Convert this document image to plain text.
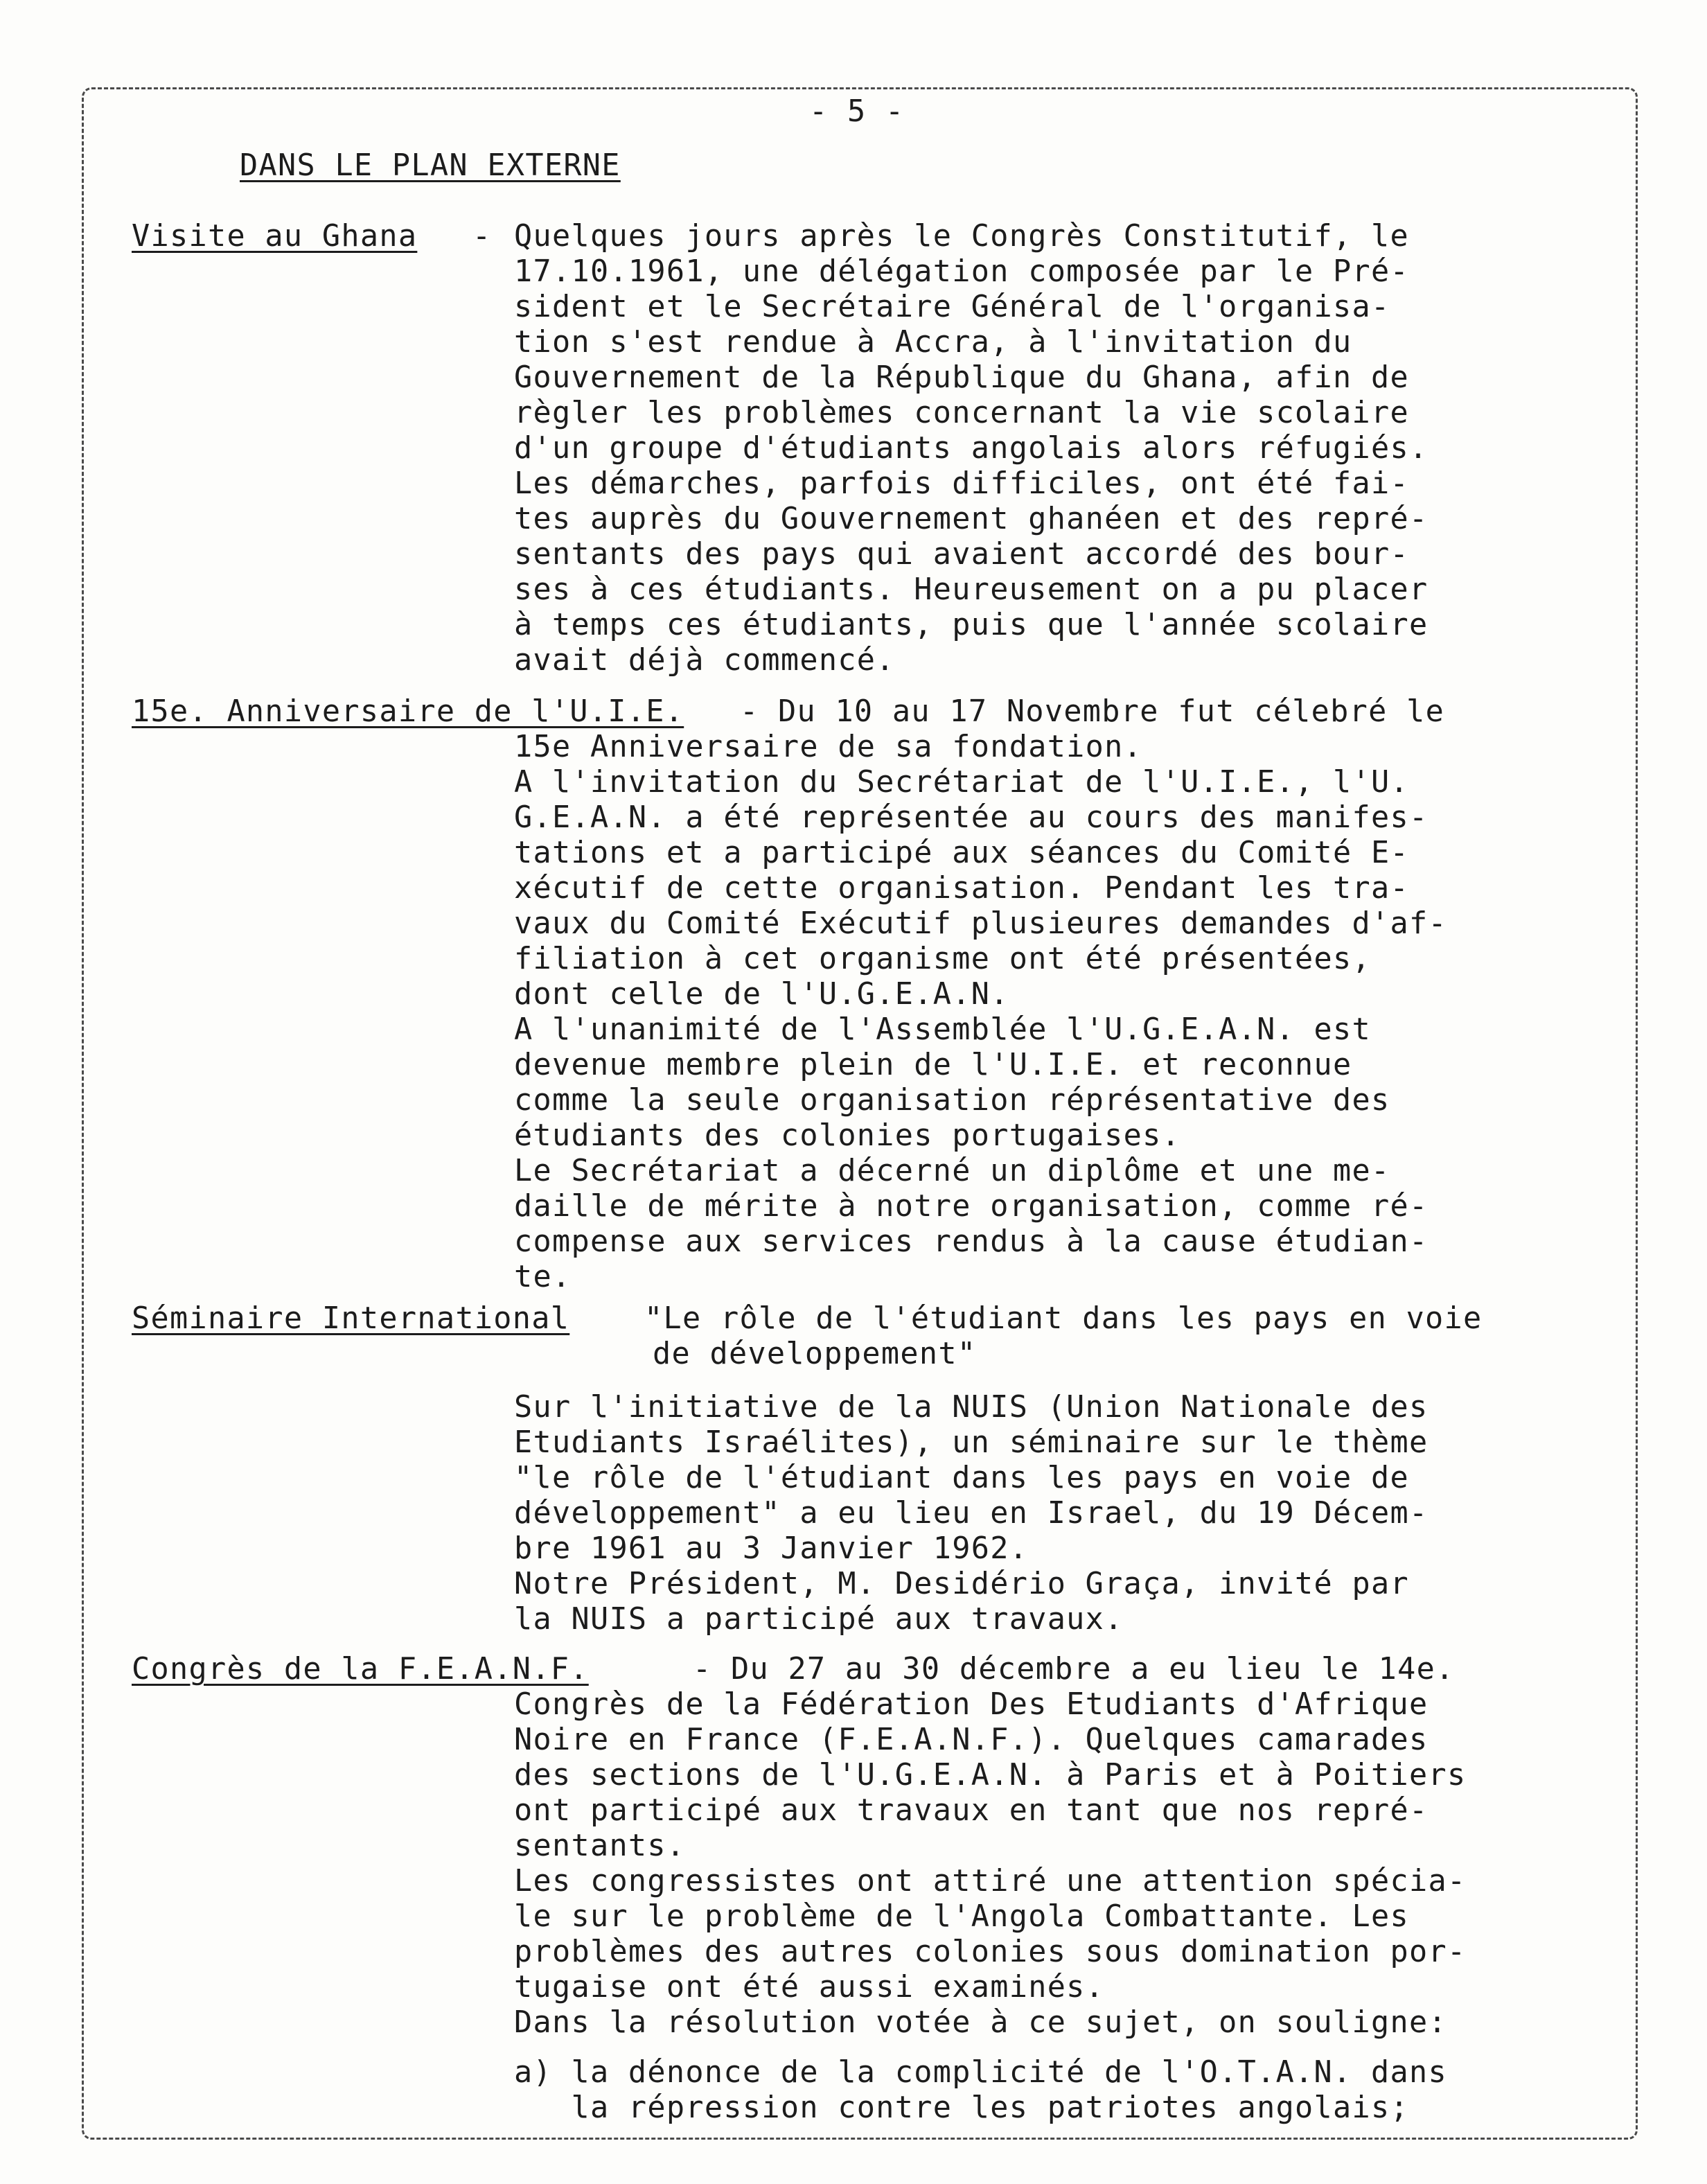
- 5 -

DANS LE PLAN EXTERNE

Visite au Ghana - Quelques jours après le Congrès Constitutif, le

17.10.1961, une délégation composée par le Pré-

sident et le Secrétaire Général de l'organisa-

tion s'est rendue à Accra, à l'invitation du

Gouvernement de la République du Ghana, afin de

règler les problèmes concernant la vie scolaire

d'un groupe d'étudiants angolais alors réfugiés.

Les démarches, parfois difficiles, ont été fai-

tes auprès du Gouvernement ghanéen et des repré-

sentants des pays qui avaient accordé des bour-

ses à ces étudiants. Heureusement on a pu placer

à temps ces étudiants, puis que l'année scolaire

avait déjà commencé.

15e. Anniversaire de l'U.I.E. - Du 10 au 17 Novembre fut célebré le

15e Anniversaire de sa fondation.

A l'invitation du Secrétariat de l'U.I.E., l'U.

G.E.A.N. a été représentée au cours des manifes-

tations et a participé aux séances du Comité E-

xécutif de cette organisation. Pendant les tra-

vaux du Comité Exécutif plusieures demandes d'af-

filiation à cet organisme ont été présentées,

dont celle de l'U.G.E.A.N.

A l'unanimité de l'Assemblée l'U.G.E.A.N. est

devenue membre plein de l'U.I.E. et reconnue

comme la seule organisation réprésentative des

étudiants des colonies portugaises.

Le Secrétariat a décerné un diplôme et une me-

daille de mérite à notre organisation, comme ré-

compense aux services rendus à la cause étudian-

te.

Séminaire International "Le rôle de l'étudiant dans les pays en voie

de développement"

Sur l'initiative de la NUIS (Union Nationale des

Etudiants Israélites), un séminaire sur le thème

"le rôle de l'étudiant dans les pays en voie de

développement" a eu lieu en Israel, du 19 Décem-

bre 1961 au 3 Janvier 1962.

Notre Président, M. Desidério Graça, invité par

la NUIS a participé aux travaux.

Congrès de la F.E.A.N.F.	- Du 27 au 30 décembre a eu lieu le 14e.

Congrès de la Fédération Des Etudiants d'Afrique

Noire en France (F.E.A.N.F.). Quelques camarades

des sections de l'U.G.E.A.N. à Paris et à Poitiers

ont participé aux travaux en tant que nos repré-

sentants.

Les congressistes ont attiré une attention spécia-

le sur le problème de l'Angola Combattante. Les

problèmes des autres colonies sous domination por-

tugaise ont été aussi examinés.

Dans la résolution votée à ce sujet, on souligne:

a) la dénonce de la complicité de l'O.T.A.N. dans

la répression contre les patriotes angolais;
